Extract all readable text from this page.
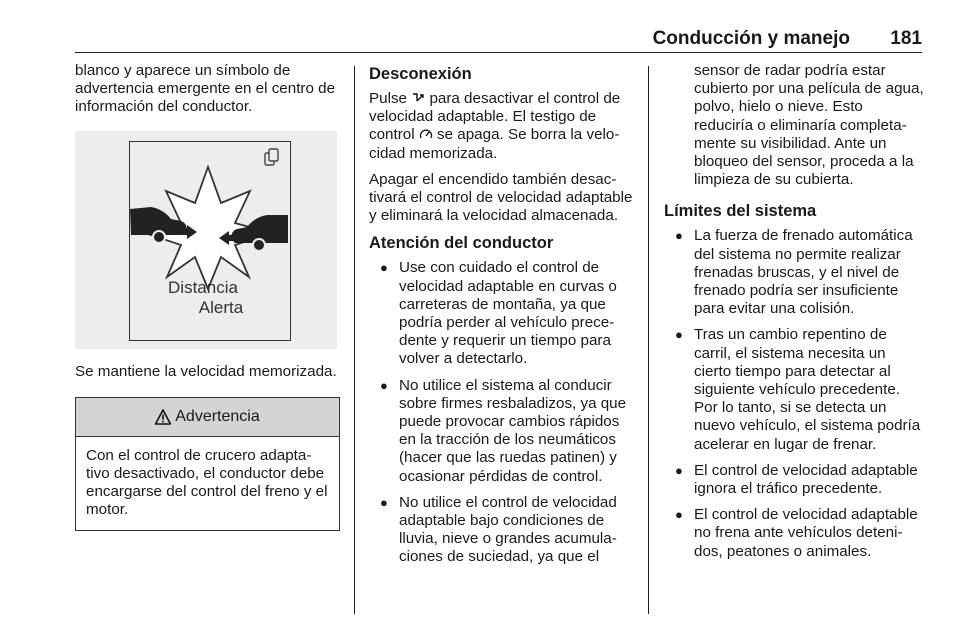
Conducción y manejo 181

blanco y aparece un símbolo de advertencia emergente en el centro de información del conductor.

Distancia
Alerta

Se mantiene la velocidad memorizada.

Advertencia
Con el control de crucero adaptativo desactivado, el conductor debe encargarse del control del freno y el motor.
Desconexión

Pulse  para desactivar el control de velocidad adaptable. El testigo de control  se apaga. Se borra la velocidad memorizada.

Apagar el encendido también desactivará el control de velocidad adaptable y eliminará la velocidad almacenada.

Atención del conductor
● Use con cuidado el control de velocidad adaptable en curvas o carreteras de montaña, ya que podría perder al vehículo precedente y requerir un tiempo para volver a detectarlo.
● No utilice el sistema al conducir sobre firmes resbaladizos, ya que puede provocar cambios rápidos en la tracción de los neumáticos (hacer que las ruedas patinen) y ocasionar pérdidas de control.
● No utilice el control de velocidad adaptable bajo condiciones de lluvia, nieve o grandes acumulaciones de suciedad, ya que el

sensor de radar podría estar cubierto por una película de agua, polvo, hielo o nieve. Esto reduciría o eliminaría completamente su visibilidad. Ante un bloqueo del sensor, proceda a la limpieza de su cubierta.

Límites del sistema
● La fuerza de frenado automática del sistema no permite realizar frenadas bruscas, y el nivel de frenado podría ser insuficiente para evitar una colisión.
● Tras un cambio repentino de carril, el sistema necesita un cierto tiempo para detectar al siguiente vehículo precedente. Por lo tanto, si se detecta un nuevo vehículo, el sistema podría acelerar en lugar de frenar.
● El control de velocidad adaptable ignora el tráfico precedente.
● El control de velocidad adaptable no frena ante vehículos detenidos, peatones o animales.
